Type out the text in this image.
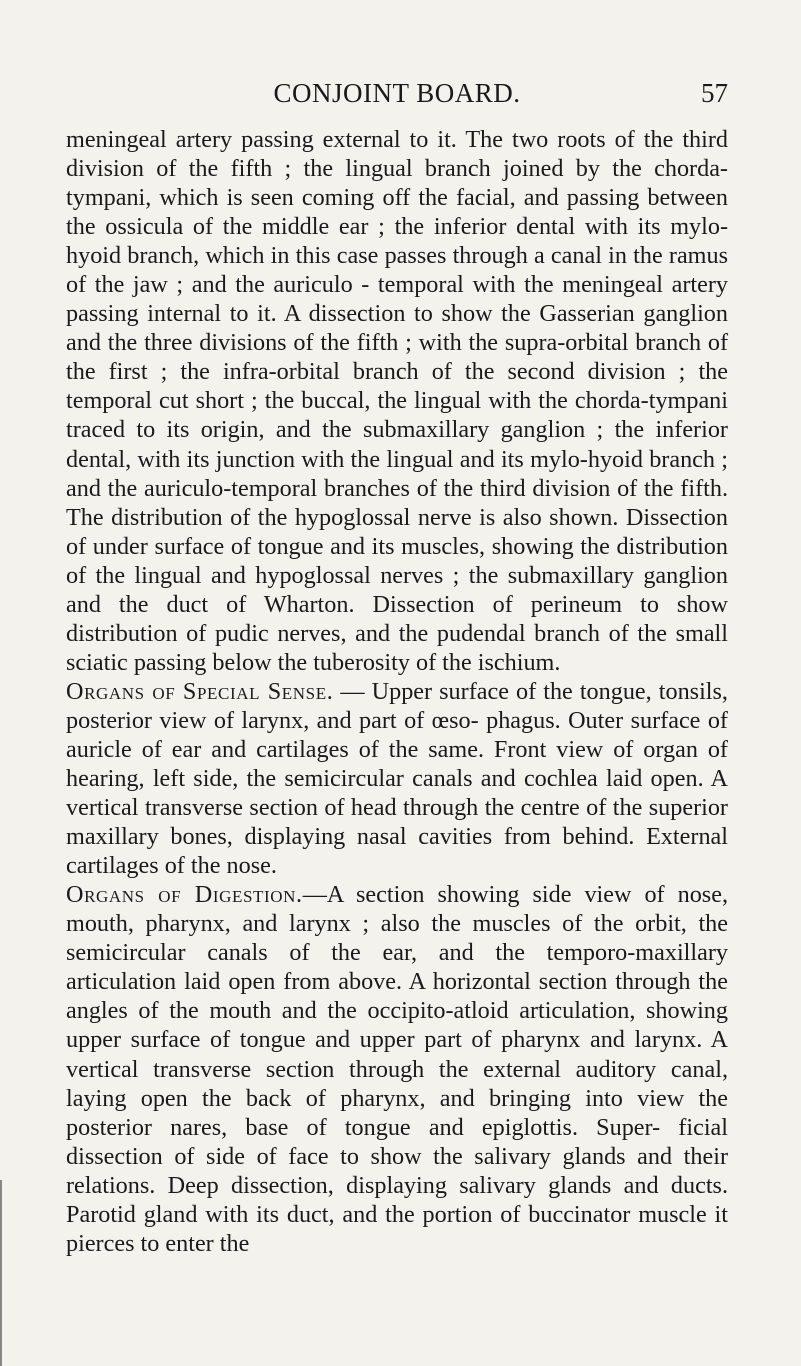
CONJOINT BOARD.	57

meningeal artery passing external to it. The two roots of the third division of the fifth ; the lingual branch joined by the chorda-tympani, which is seen coming off the facial, and passing between the ossicula of the middle ear ; the inferior dental with its mylo-hyoid branch, which in this case passes through a canal in the ramus of the jaw ; and the auriculo - temporal with the meningeal artery passing internal to it. A dissection to show the Gasserian ganglion and the three divisions of the fifth ; with the supra-orbital branch of the first ; the infra-orbital branch of the second division ; the temporal cut short ; the buccal, the lingual with the chorda-tympani traced to its origin, and the submaxillary ganglion ; the inferior dental, with its junction with the lingual and its mylo-hyoid branch ; and the auriculo-temporal branches of the third division of the fifth. The distribution of the hypoglossal nerve is also shown. Dissection of under surface of tongue and its muscles, showing the distribution of the lingual and hypoglossal nerves ; the submaxillary ganglion and the duct of Wharton. Dissection of perineum to show distribution of pudic nerves, and the pudendal branch of the small sciatic passing below the tuberosity of the ischium.

Organs of Special Sense. — Upper surface of the tongue, tonsils, posterior view of larynx, and part of œso- phagus. Outer surface of auricle of ear and cartilages of the same. Front view of organ of hearing, left side, the semicircular canals and cochlea laid open. A vertical transverse section of head through the centre of the superior maxillary bones, displaying nasal cavities from behind. External cartilages of the nose.

Organs of Digestion.—A section showing side view of nose, mouth, pharynx, and larynx ; also the muscles of the orbit, the semicircular canals of the ear, and the temporo-maxillary articulation laid open from above. A horizontal section through the angles of the mouth and the occipito-atloid articulation, showing upper surface of tongue and upper part of pharynx and larynx. A vertical transverse section through the external auditory canal, laying open the back of pharynx, and bringing into view the posterior nares, base of tongue and epiglottis. Super- ficial dissection of side of face to show the salivary glands and their relations. Deep dissection, displaying salivary glands and ducts. Parotid gland with its duct, and the portion of buccinator muscle it pierces to enter the
